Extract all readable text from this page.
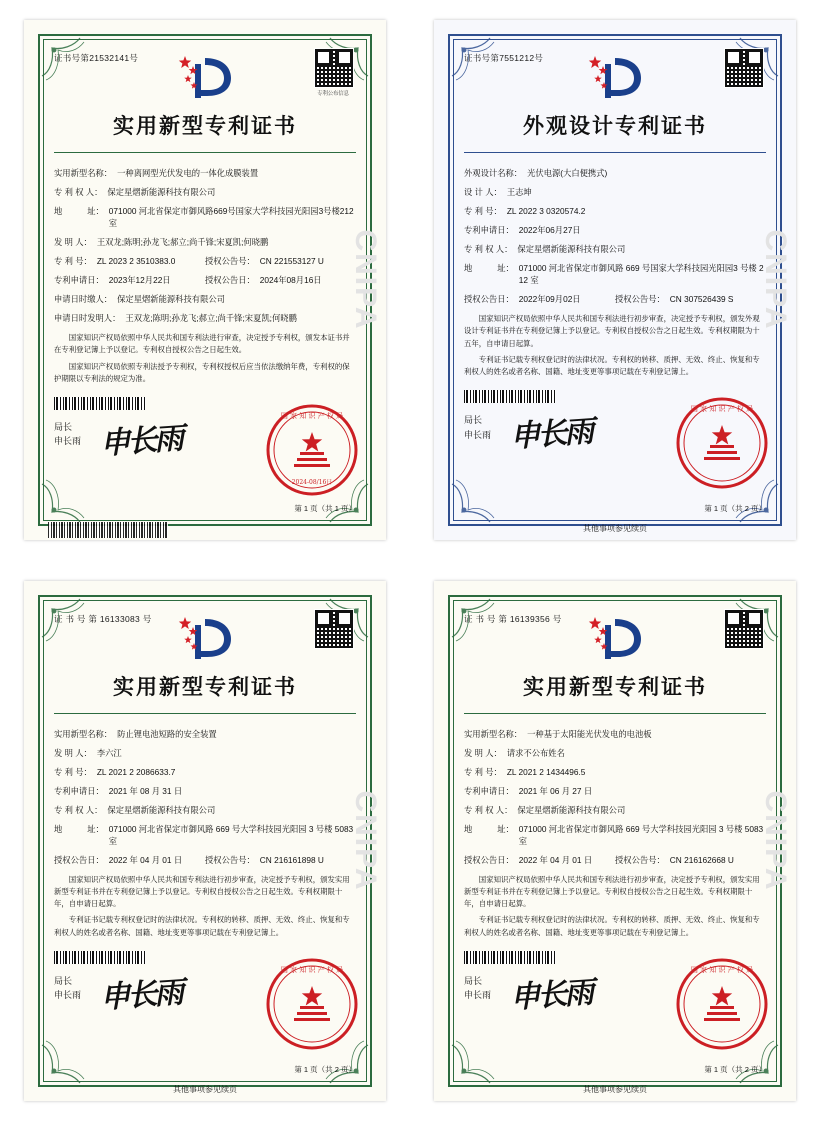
证书号第21532141号
专利公布信息
实用新型专利证书
实用新型名称： 一种离网型光伏发电的一体化成膜装置
专 利 权 人： 保定星熠新能源科技有限公司
地　　　址： 071000 河北省保定市御风路669号国家大学科技园光阳园3号楼212室
发 明 人： 王双龙;陈明;孙龙飞;郝立;尚千锋;宋夏凯;何晓鹏
专 利 号： ZL 2023 2 3510383.0	授权公告号： CN 221553127 U
专利申请日： 2023年12月22日	授权公告日： 2024年08月16日
申请日时缴人： 保定星熠新能源科技有限公司
申请日时发明人： 王双龙;陈明;孙龙飞;郝立;尚千锋;宋夏凯;何晓鹏
国家知识产权局依照中华人民共和国专利法进行审查，决定授予专利权，颁发本证书并在专利登记簿上予以登记。专利权自授权公告之日起生效。
国家知识产权局依照专利法授予专利权，专利权授权后应当依法缴纳年费，专利权的保护期限以专利法的规定为准。
局长
申长雨 申长雨
国 家 知 识 产 权 局
2024-08/16日
第 1 页（共 1 页）
CNIPA
证书号第7551212号
外观设计专利证书
外观设计名称： 光伏电源(大白便携式)
设 计 人： 王志坤
专 利 号： ZL 2022 3 0320574.2
专利申请日： 2022年06月27日
专 利 权 人： 保定星熠新能源科技有限公司
地　　　址： 071000 河北省保定市御风路 669 号国家大学科技园光阳园3 号楼 212 室
授权公告日： 2022年09月02日	授权公告号： CN 307526439 S
国家知识产权局依照中华人民共和国专利法进行初步审查，决定授予专利权，颁发外观设计专利证书并在专利登记簿上予以登记。专利权自授权公告之日起生效。专利权期限为十五年，自申请日起算。
专利证书记载专利权登记时的法律状况。专利权的转移、质押、无效、终止、恢复和专利权人的姓名或者名称、国籍、地址变更等事项记载在专利登记簿上。
局长
申长雨 申长雨
国 家 知 识 产 权 局
第 1 页（共 2 页）
其他事项参见续页
CNIPA
证 书 号 第 16133083 号
实用新型专利证书
实用新型名称： 防止锂电池短路的安全装置
发 明 人： 李六江
专 利 号： ZL 2021 2 2086633.7
专利申请日： 2021 年 08 月 31 日
专 利 权 人： 保定星熠新能源科技有限公司
地　　　址： 071000 河北省保定市御风路 669 号大学科技园光阳园 3 号楼 5083 室
授权公告日： 2022 年 04 月 01 日	授权公告号： CN 216161898 U
国家知识产权局依照中华人民共和国专利法进行初步审查，决定授予专利权，颁发实用新型专利证书并在专利登记簿上予以登记。专利权自授权公告之日起生效。专利权期限十年，自申请日起算。
专利证书记载专利权登记时的法律状况。专利权的转移、质押、无效、终止、恢复和专利权人的姓名或者名称、国籍、地址变更等事项记载在专利登记簿上。
局长
申长雨 申长雨
国 家 知 识 产 权 局
第 1 页（共 2 页）
其他事项参见续页
CNIPA
证 书 号 第 16139356 号
实用新型专利证书
实用新型名称： 一种基于太阳能光伏发电的电池板
发 明 人： 请求不公布姓名
专 利 号： ZL 2021 2 1434496.5
专利申请日： 2021 年 06 月 27 日
专 利 权 人： 保定星熠新能源科技有限公司
地　　　址： 071000 河北省保定市御风路 669 号大学科技园光阳园 3 号楼 5083 室
授权公告日： 2022 年 04 月 01 日	授权公告号： CN 216162668 U
国家知识产权局依照中华人民共和国专利法进行初步审查，决定授予专利权，颁发实用新型专利证书并在专利登记簿上予以登记。专利权自授权公告之日起生效。专利权期限十年，自申请日起算。
专利证书记载专利权登记时的法律状况。专利权的转移、质押、无效、终止、恢复和专利权人的姓名或者名称、国籍、地址变更等事项记载在专利登记簿上。
局长
申长雨 申长雨
国 家 知 识 产 权 局
第 1 页（共 2 页）
其他事项参见续页
CNIPA
